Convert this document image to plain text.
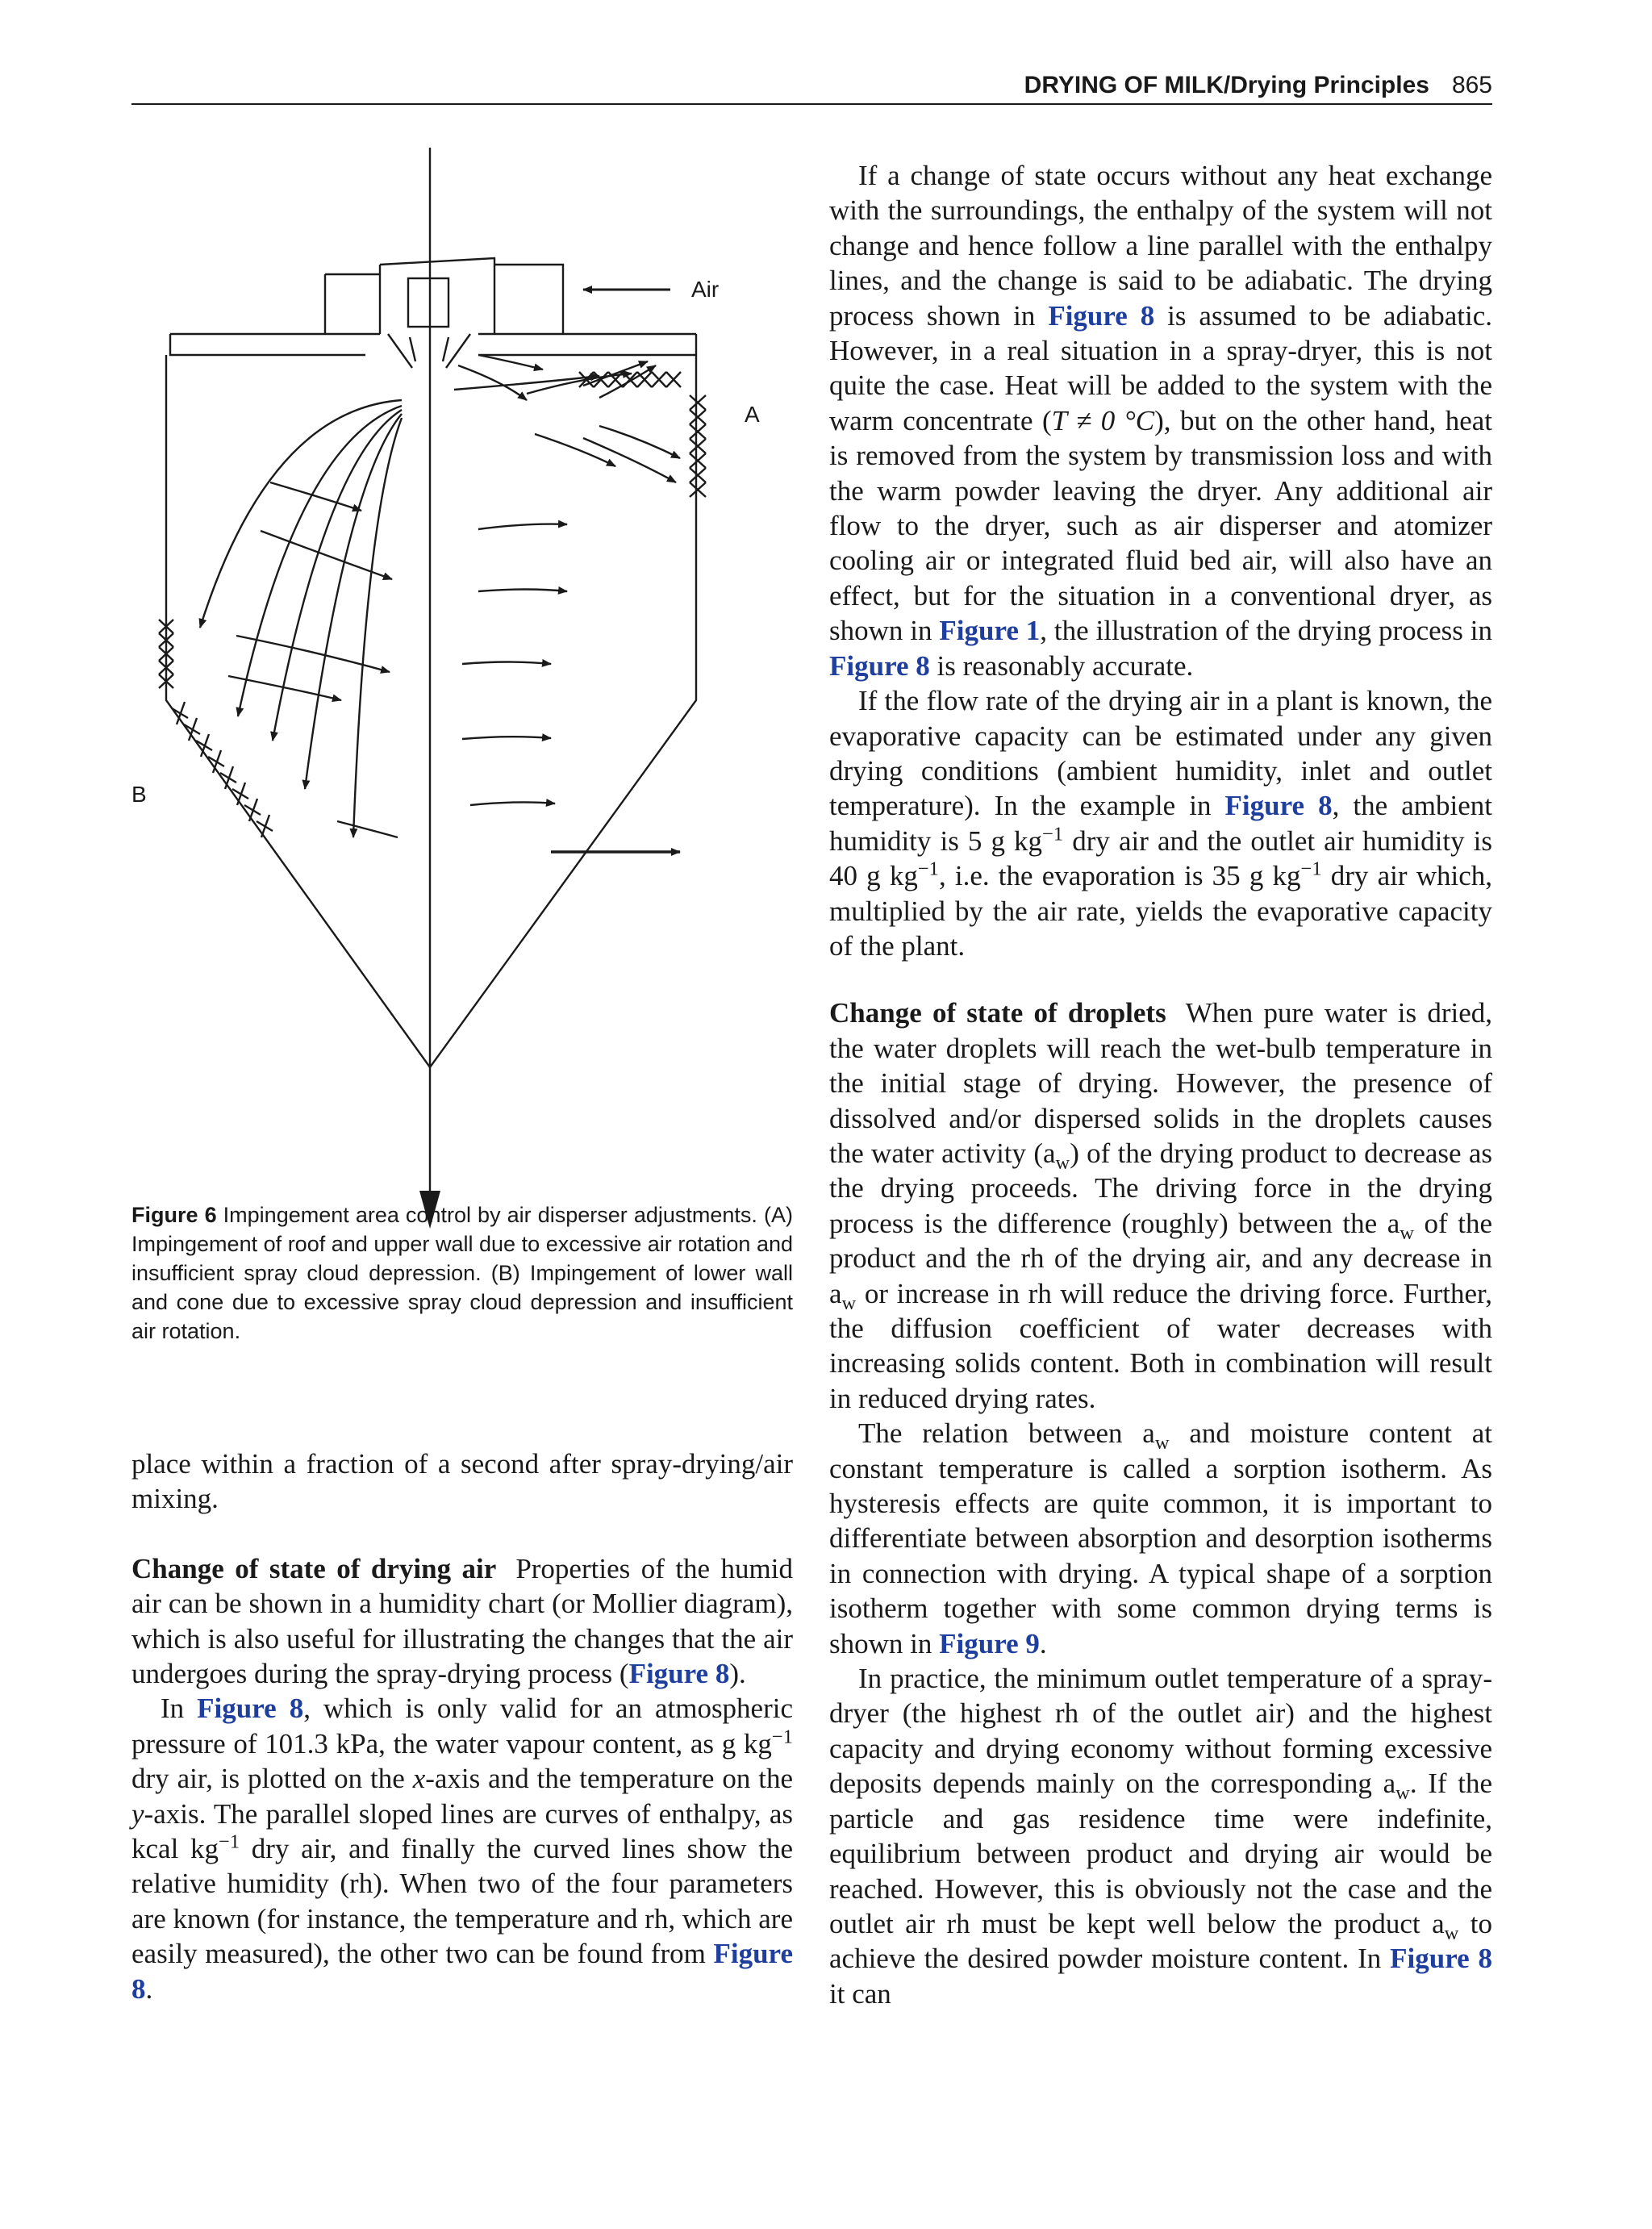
DRYING OF MILK/Drying Principles 865
Air
A
B

Figure 6 Impingement area control by air disperser adjustments. (A) Impingement of roof and upper wall due to excessive air rotation and insufficient spray cloud depression. (B) Impingement of lower wall and cone due to excessive spray cloud depression and insufficient air rotation.

place within a fraction of a second after spray-drying/air mixing.

Change of state of drying air Properties of the humid air can be shown in a humidity chart (or Mollier diagram), which is also useful for illustrating the changes that the air undergoes during the spray-drying process (Figure 8).

In Figure 8, which is only valid for an atmospheric pressure of 101.3 kPa, the water vapour content, as g $kg^{-1}$ dry air, is plotted on the x-axis and the temperature on the y-axis. The parallel sloped lines are curves of enthalpy, as kcal $kg^{-1}$ dry air, and finally the curved lines show the relative humidity (rh). When two of the four parameters are known (for instance, the temperature and rh, which are easily measured), the other two can be found from Figure 8.

If a change of state occurs without any heat exchange with the surroundings, the enthalpy of the system will not change and hence follow a line parallel with the enthalpy lines, and the change is said to be adiabatic. The drying process shown in Figure 8 is assumed to be adiabatic. However, in a real situation in a spray-dryer, this is not quite the case. Heat will be added to the system with the warm concentrate (T ≠ 0 °C), but on the other hand, heat is removed from the system by transmission loss and with the warm powder leaving the dryer. Any additional air flow to the dryer, such as air disperser and atomizer cooling air or integrated fluid bed air, will also have an effect, but for the situation in a conventional dryer, as shown in Figure 1, the illustration of the drying process in Figure 8 is reasonably accurate.

If the flow rate of the drying air in a plant is known, the evaporative capacity can be estimated under any given drying conditions (ambient humidity, inlet and outlet temperature). In the example in Figure 8, the ambient humidity is 5 g $kg^{-1}$ dry air and the outlet air humidity is 40 g $kg^{-1}$, i.e. the evaporation is 35 g $kg^{-1}$ dry air which, multiplied by the air rate, yields the evaporative capacity of the plant.

Change of state of droplets When pure water is dried, the water droplets will reach the wet-bulb temperature in the initial stage of drying. However, the presence of dissolved and/or dispersed solids in the droplets causes the water activity $(a_w)$ of the drying product to decrease as the drying proceeds. The driving force in the drying process is the difference (roughly) between the $a_w$ of the product and the rh of the drying air, and any decrease in $a_w$ or increase in rh will reduce the driving force. Further, the diffusion coefficient of water decreases with increasing solids content. Both in combination will result in reduced drying rates.

The relation between $a_w$ and moisture content at constant temperature is called a sorption isotherm. As hysteresis effects are quite common, it is important to differentiate between absorption and desorption isotherms in connection with drying. A typical shape of a sorption isotherm together with some common drying terms is shown in Figure 9.

In practice, the minimum outlet temperature of a spray-dryer (the highest rh of the outlet air) and the highest capacity and drying economy without forming excessive deposits depends mainly on the corresponding $a_w$. If the particle and gas residence time were indefinite, equilibrium between product and drying air would be reached. However, this is obviously not the case and the outlet air rh must be kept well below the product $a_w$ to achieve the desired powder moisture content. In Figure 8 it can
